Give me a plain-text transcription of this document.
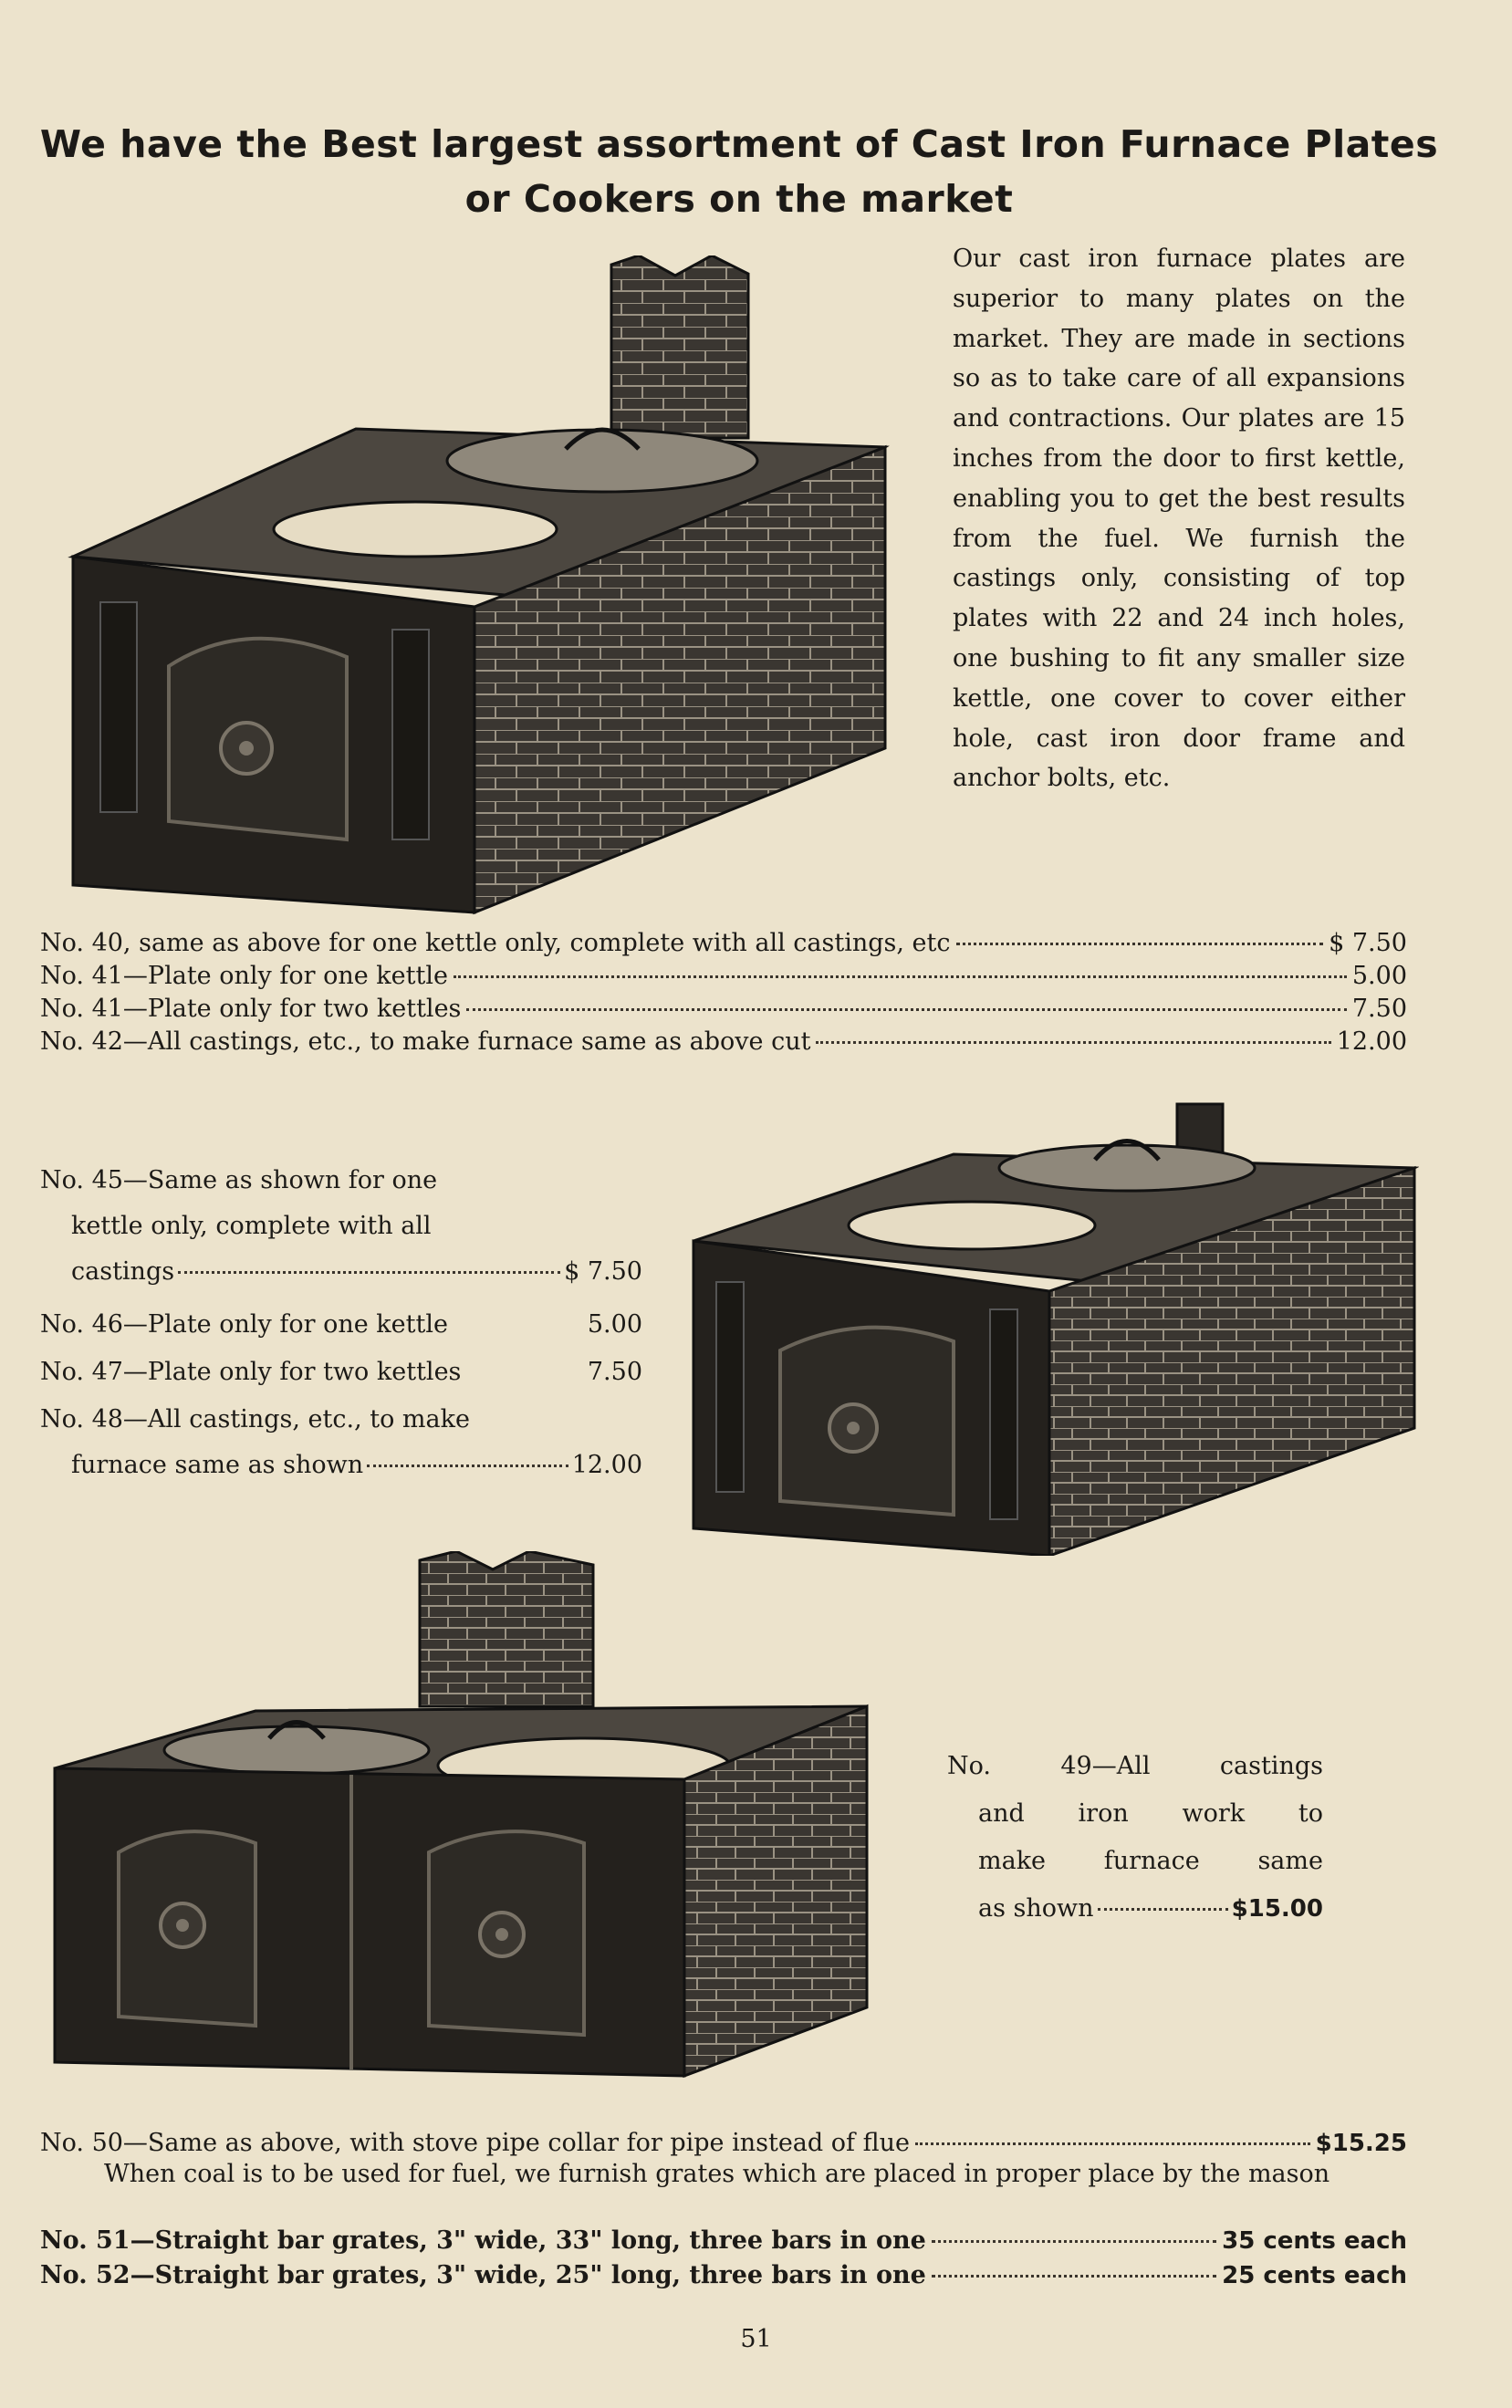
We have the Best largest assortment of Cast Iron Furnace Plates
or Cookers on the market
Our cast iron furnace plates are superior to many plates on the market. They are made in sections so as to take care of all expansions and contractions. Our plates are 15 inches from the door to first kettle, enabling you to get the best results from the fuel. We furnish the castings only, consisting of top plates with 22 and 24 inch holes, one bushing to fit any smaller size kettle, one cover to cover either hole, cast iron door frame and anchor bolts, etc.
No. 40, same as above for one kettle only, complete with all castings, etc	$ 7.50
No. 41—Plate only for one kettle	5.00
No. 41—Plate only for two kettles	7.50
No. 42—All castings, etc., to make furnace same as above cut	12.00
No. 45—Same as shown for one
kettle only, complete with all
castings	$ 7.50
No. 46—Plate only for one kettle	5.00
No. 47—Plate only for two kettles	7.50
No. 48—All castings, etc., to make
furnace same as shown	12.00
No.	49—All	castings
and iron work to
make furnace same
as shown	$15.00
No. 50—Same as above, with stove pipe collar for pipe instead of flue	$15.25

When coal is to be used for fuel, we furnish grates which are placed in proper place by the mason

No. 51—Straight bar grates, 3" wide, 33" long, three bars in one	35 cents each
No. 52—Straight bar grates, 3" wide, 25" long, three bars in one	25 cents each
51
